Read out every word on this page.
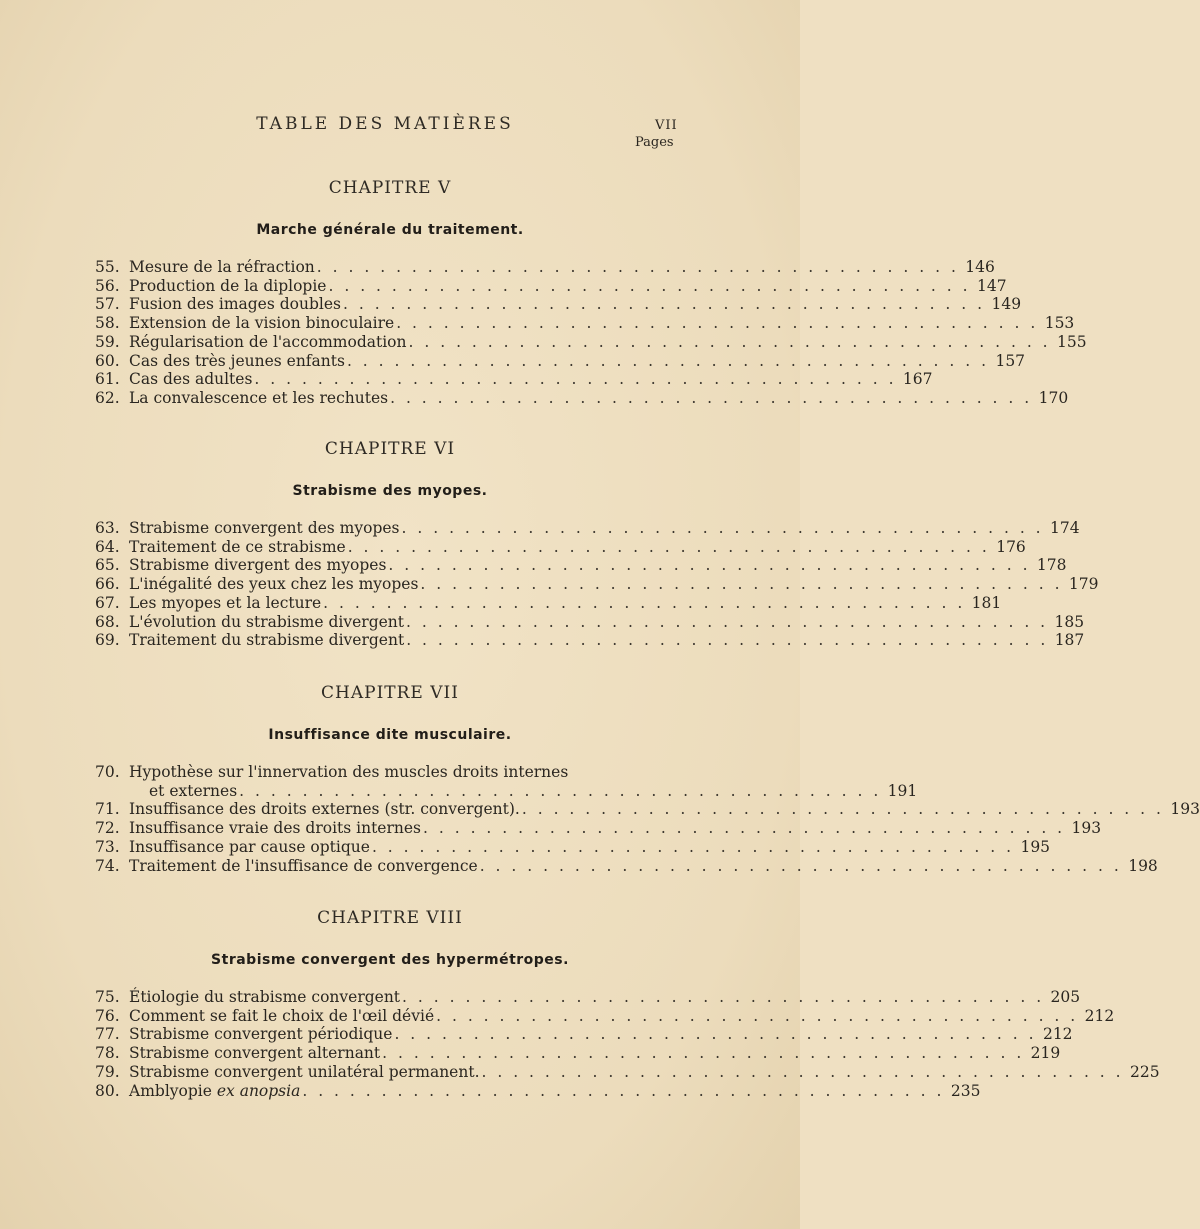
TABLE DES MATIÈRES	VII
Pages
CHAPITRE V
Marche générale du traitement.
55. Mesure de la réfraction . . . . . . . . . . . . . . . . . . . . . . . . . . . . . . . . . . . . . . . . . 146
56. Production de la diplopie . . . . . . . . . . . . . . . . . . . . . . . . . . . . . . . . . . . . . . . . . 147
57. Fusion des images doubles . . . . . . . . . . . . . . . . . . . . . . . . . . . . . . . . . . . . . . . . . 149
58. Extension de la vision binoculaire . . . . . . . . . . . . . . . . . . . . . . . . . . . . . . . . . . . . . . . . . 153
59. Régularisation de l'accommodation . . . . . . . . . . . . . . . . . . . . . . . . . . . . . . . . . . . . . . . . . 155
60. Cas des très jeunes enfants . . . . . . . . . . . . . . . . . . . . . . . . . . . . . . . . . . . . . . . . . 157
61. Cas des adultes . . . . . . . . . . . . . . . . . . . . . . . . . . . . . . . . . . . . . . . . . 167
62. La convalescence et les rechutes . . . . . . . . . . . . . . . . . . . . . . . . . . . . . . . . . . . . . . . . . 170
CHAPITRE VI
Strabisme des myopes.
63. Strabisme convergent des myopes . . . . . . . . . . . . . . . . . . . . . . . . . . . . . . . . . . . . . . . . . 174
64. Traitement de ce strabisme . . . . . . . . . . . . . . . . . . . . . . . . . . . . . . . . . . . . . . . . . 176
65. Strabisme divergent des myopes . . . . . . . . . . . . . . . . . . . . . . . . . . . . . . . . . . . . . . . . . 178
66. L'inégalité des yeux chez les myopes . . . . . . . . . . . . . . . . . . . . . . . . . . . . . . . . . . . . . . . . . 179
67. Les myopes et la lecture . . . . . . . . . . . . . . . . . . . . . . . . . . . . . . . . . . . . . . . . . 181
68. L'évolution du strabisme divergent . . . . . . . . . . . . . . . . . . . . . . . . . . . . . . . . . . . . . . . . . 185
69. Traitement du strabisme divergent . . . . . . . . . . . . . . . . . . . . . . . . . . . . . . . . . . . . . . . . . 187
CHAPITRE VII
Insuffisance dite musculaire.
70. Hypothèse sur l'innervation des muscles droits internes
et externes . . . . . . . . . . . . . . . . . . . . . . . . . . . . . . . . . . . . . . . . . 191
71. Insuffisance des droits externes (str. convergent). . . . . . . . . . . . . . . . . . . . . . . . . . . . . . . . . . . . . . . . . . 193
72. Insuffisance vraie des droits internes . . . . . . . . . . . . . . . . . . . . . . . . . . . . . . . . . . . . . . . . . 193
73. Insuffisance par cause optique . . . . . . . . . . . . . . . . . . . . . . . . . . . . . . . . . . . . . . . . . 195
74. Traitement de l'insuffisance de convergence . . . . . . . . . . . . . . . . . . . . . . . . . . . . . . . . . . . . . . . . . 198
CHAPITRE VIII
Strabisme convergent des hypermétropes.
75. Étiologie du strabisme convergent . . . . . . . . . . . . . . . . . . . . . . . . . . . . . . . . . . . . . . . . . 205
76. Comment se fait le choix de l'œil dévié . . . . . . . . . . . . . . . . . . . . . . . . . . . . . . . . . . . . . . . . . 212
77. Strabisme convergent périodique . . . . . . . . . . . . . . . . . . . . . . . . . . . . . . . . . . . . . . . . . 212
78. Strabisme convergent alternant . . . . . . . . . . . . . . . . . . . . . . . . . . . . . . . . . . . . . . . . . 219
79. Strabisme convergent unilatéral permanent. . . . . . . . . . . . . . . . . . . . . . . . . . . . . . . . . . . . . . . . . . 225
80. Amblyopie ex anopsia . . . . . . . . . . . . . . . . . . . . . . . . . . . . . . . . . . . . . . . . . 235
